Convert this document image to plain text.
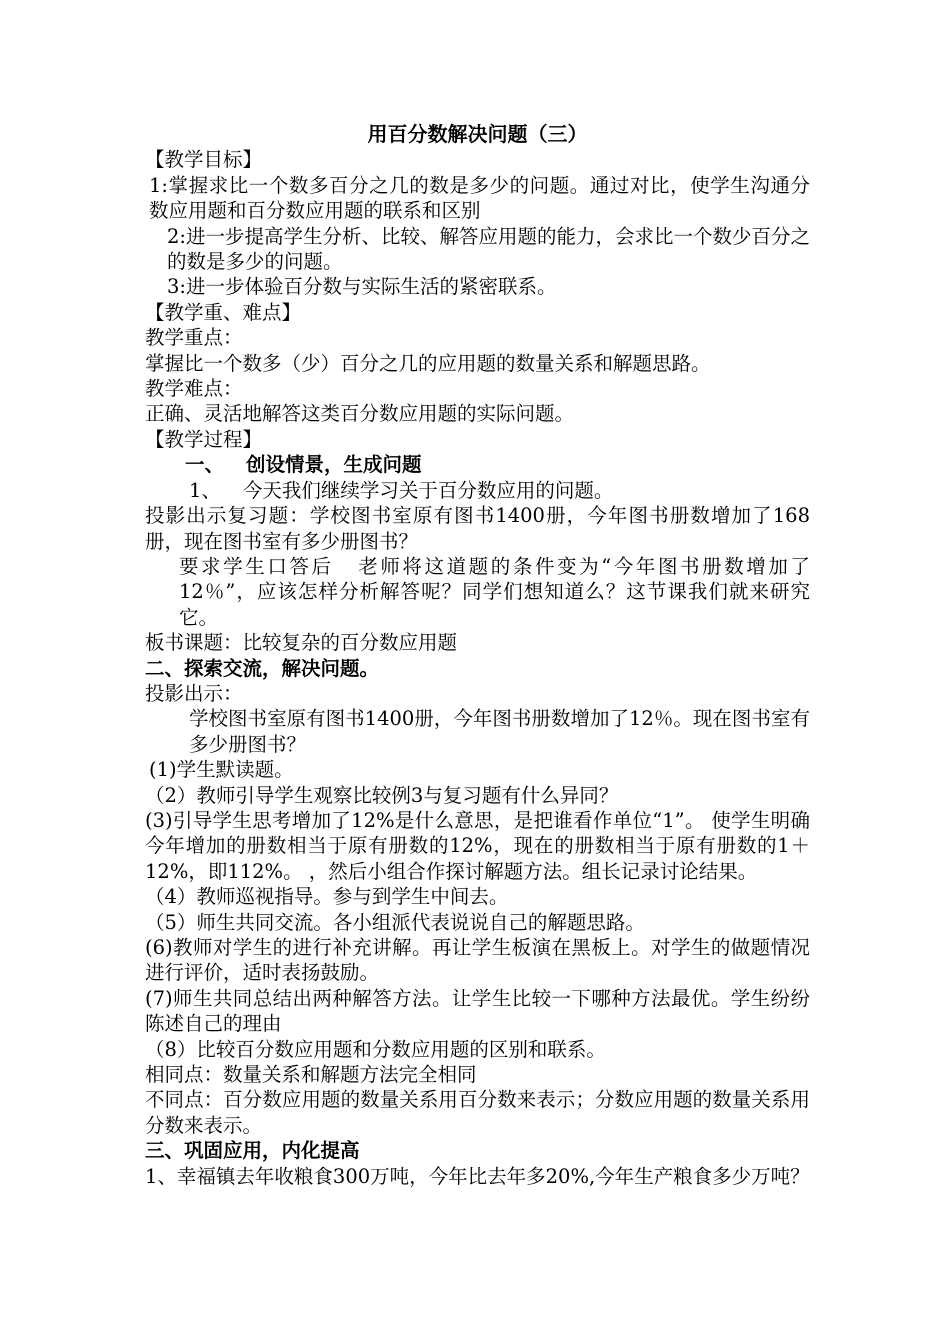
用百分数解决问题（三）

【教学目标】

1:掌握求比一个数多百分之几的数是多少的问题。通过对比，使学生沟通分数应用题和百分数应用题的联系和区别

2:进一步提高学生分析、比较、解答应用题的能力，会求比一个数少百分之的数是多少的问题。

3:进一步体验百分数与实际生活的紧密联系。

【教学重、难点】

教学重点：

掌握比一个数多（少）百分之几的应用题的数量关系和解题思路。

教学难点：

正确、灵活地解答这类百分数应用题的实际问题。

【教学过程】

一、 创设情景，生成问题

1、 今天我们继续学习关于百分数应用的问题。

投影出示复习题：学校图书室原有图书1400册，今年图书册数增加了168册，现在图书室有多少册图书？

要求学生口答后 老师将这道题的条件变为“今年图书册数增加了12％”，应该怎样分析解答呢？同学们想知道么？这节课我们就来研究它。

板书课题：比较复杂的百分数应用题

二、探索交流，解决问题。

投影出示：

学校图书室原有图书1400册，今年图书册数增加了12％。现在图书室有多少册图书？

(1)学生默读题。

（2）教师引导学生观察比较例3与复习题有什么异同？

(3)引导学生思考增加了12%是什么意思，是把谁看作单位“1”。 使学生明确今年增加的册数相当于原有册数的12%，现在的册数相当于原有册数的1＋12%，即112%。 ，然后小组合作探讨解题方法。组长记录讨论结果。

（4）教师巡视指导。参与到学生中间去。

（5）师生共同交流。各小组派代表说说自己的解题思路。

(6)教师对学生的进行补充讲解。再让学生板演在黑板上。对学生的做题情况进行评价，适时表扬鼓励。

(7)师生共同总结出两种解答方法。让学生比较一下哪种方法最优。学生纷纷陈述自己的理由

（8）比较百分数应用题和分数应用题的区别和联系。

相同点：数量关系和解题方法完全相同

不同点：百分数应用题的数量关系用百分数来表示；分数应用题的数量关系用分数来表示。

三、巩固应用，内化提高

1、幸福镇去年收粮食300万吨，今年比去年多20%,今年生产粮食多少万吨？
